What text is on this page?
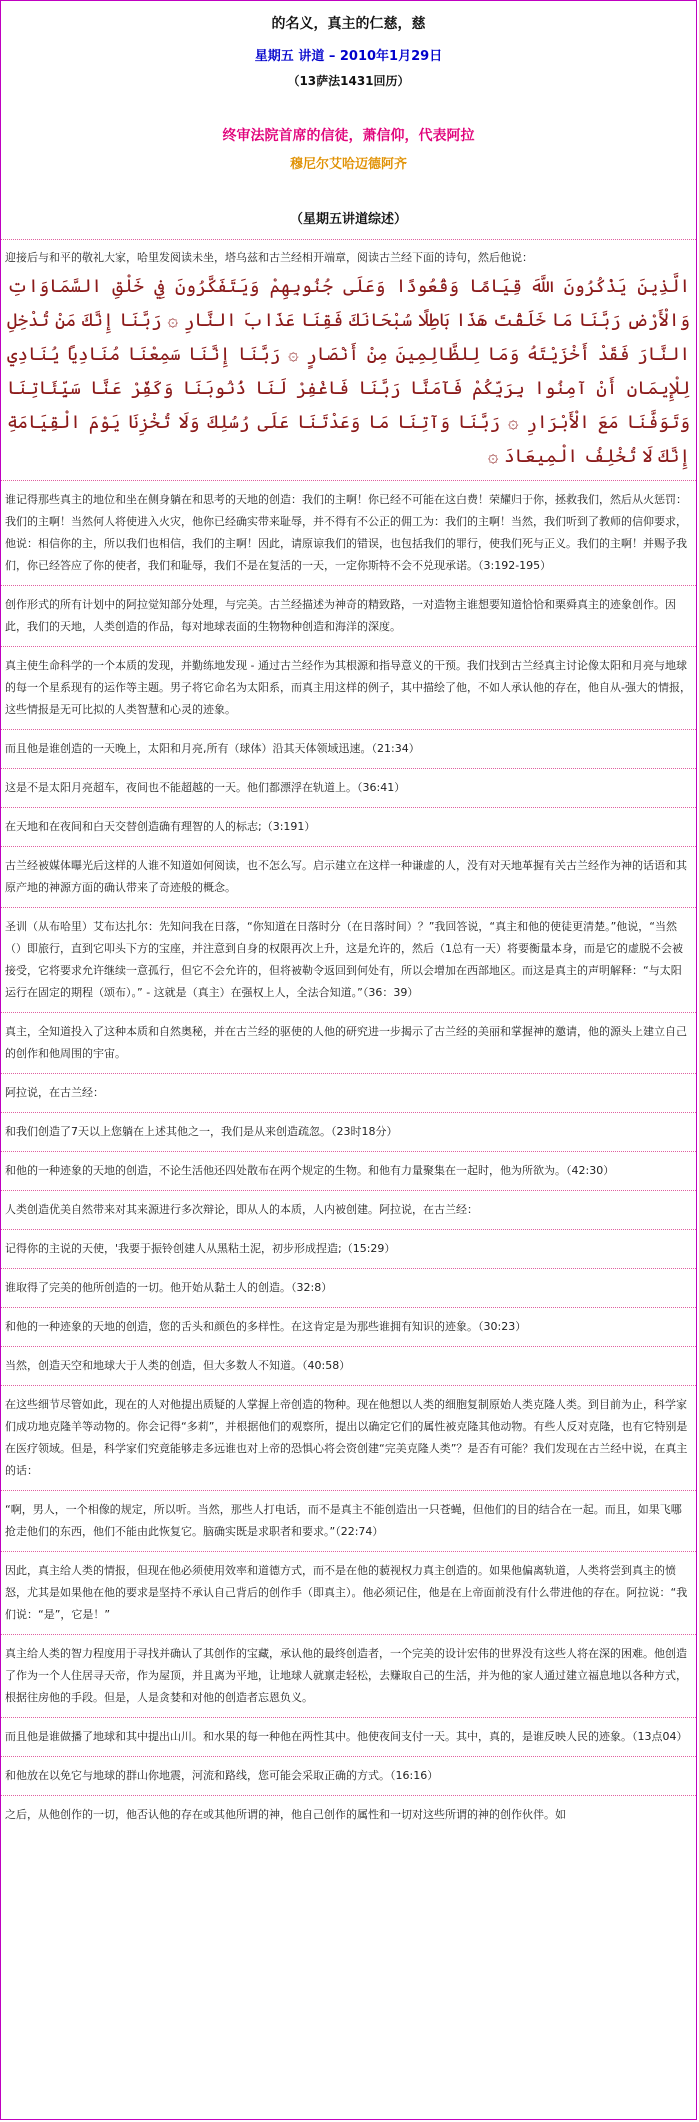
的名义，真主的仁慈，慈
星期五 讲道 – 2010年1月29日
（13萨法1431回历）
终审法院首席的信徒，萧信仰，代表阿拉
穆尼尔艾哈迈德阿齐
（星期五讲道综述）

迎接后与和平的敬礼大家，哈里发阅读未坐，塔乌兹和古兰经相开端章，阅读古兰经下面的诗句，然后他说：

الَّذِينَ يَذْكُرُونَ اللَّهَ قِيَامًا وَقُعُودًا وَعَلَى جُنُوبِهِمْ وَيَتَفَكَّرُونَ فِي خَلْقِ السَّمَاوَاتِ وَالْأَرْضِ رَبَّنَا مَا خَلَقْتَ هَذَا بَاطِلًا سُبْحَانَكَ فَقِنَا عَذَابَ النَّارِ ۞ رَبَّنَا إِنَّكَ مَنْ تُدْخِلِ النَّارَ فَقَدْ أَخْزَيْتَهُ وَمَا لِلظَّالِمِينَ مِنْ أَنْصَارٍ ۞ رَبَّنَا إِنَّنَا سَمِعْنَا مُنَادِيًا يُنَادِي لِلْإِيمَانِ أَنْ آمِنُوا بِرَبِّكُمْ فَآمَنَّا رَبَّنَا فَاغْفِرْ لَنَا ذُنُوبَنَا وَكَفِّرْ عَنَّا سَيِّئَاتِنَا وَتَوَفَّنَا مَعَ الْأَبْرَارِ ۞ رَبَّنَا وَآتِنَا مَا وَعَدْتَنَا عَلَى رُسُلِكَ وَلَا تُخْزِنَا يَوْمَ الْقِيَامَةِ إِنَّكَ لَا تُخْلِفُ الْمِيعَادَ ۞

谁记得那些真主的地位和坐在侧身躺在和思考的天地的创造：我们的主啊！你已经不可能在这白费！荣耀归于你，拯救我们，然后从火惩罚：我们的主啊！当然何人将使进入火灾，他你已经确实带来耻辱，并不得有不公正的佣工为：我们的主啊！当然，我们听到了教师的信仰要求，他说：相信你的主，所以我们也相信，我们的主啊！因此，请原谅我们的错误，也包括我们的罪行，使我们死与正义。我们的主啊！并赐予我们，你已经答应了你的使者，我们和耻辱，我们不是在复活的一天，一定你斯特不会不兑现承诺。（3:192-195）

创作形式的所有计划中的阿拉觉知部分处理，与完美。古兰经描述为神奇的精致路，一对造物主谁想要知道恰恰和栗舜真主的迹象创作。因此，我们的天地，人类创造的作品，每对地球表面的生物物种创造和海洋的深度。

真主使生命科学的一个本质的发现，并勤练地发现 - 通过古兰经作为其根源和指导意义的干预。我们找到古兰经真主讨论像太阳和月亮与地球的每一个星系现有的运作等主题。男子将它命名为太阳系，而真主用这样的例子，其中描绘了他，不如人承认他的存在，他自从-强大的情报，这些情报是无可比拟的人类智慧和心灵的迹象。

而且他是谁创造的一天晚上，太阳和月亮,所有（球体）沿其天体领域迅速。（21:34）

这是不是太阳月亮超车，夜间也不能超越的一天。他们都漂浮在轨道上。（36:41）

在天地和在夜间和白天交替创造确有理智的人的标志;（3:191）

古兰经被媒体曝光后这样的人谁不知道如何阅读，也不怎么写。启示建立在这样一种谦虚的人，没有对天地革握有关古兰经作为神的话语和其原产地的神源方面的确认带来了奇迹般的概念。

圣训（从布哈里）艾布达扎尔：先知问我在日落，“你知道在日落时分（在日落时间）？”我回答说，“真主和他的使徒更清楚。”他说，“当然（）即旅行，直到它叩头下方的宝座，并注意到自身的权限再次上升，这是允许的，然后（1总有一天）将要衡量本身，而是它的虚脱不会被接受，它将要求允许继续一意孤行，但它不会允许的，但将被勒令返回到何处有，所以会增加在西部地区。而这是真主的声明解释：“与太阳运行在固定的期程（颂布）。” - 这就是（真主）在强权上人，全法合知道。”（36：39）

真主，全知道投入了这种本质和自然奥秘，并在古兰经的驱使的人他的研究进一步揭示了古兰经的美丽和掌握神的邀请，他的源头上建立自己的创作和他周围的宇宙。

阿拉说，在古兰经：

和我们创造了7天以上您躺在上述其他之一，我们是从来创造疏忽。（23时18分）

和他的一种迹象的天地的创造，不论生活他还四处散布在两个规定的生物。和他有力量聚集在一起时，他为所欲为。（42:30）

人类创造优美自然带来对其来源进行多次辩论，即从人的本质，人内被创建。阿拉说，在古兰经：

记得你的主说的天使，'我要于振铃创建人从黑粘土泥，初步形成捏造;（15:29）

谁取得了完美的他所创造的一切。他开始从黏土人的创造。（32:8）

和他的一种迹象的天地的创造，您的舌头和颜色的多样性。在这肯定是为那些谁拥有知识的迹象。（30:23）

当然，创造天空和地球大于人类的创造，但大多数人不知道。（40:58）

在这些细节尽管如此，现在的人对他提出质疑的人掌握上帝创造的物种。现在他想以人类的细胞复制原始人类克隆人类。到目前为止，科学家们成功地克隆羊等动物的。你会记得“多莉”，并根据他们的观察所，提出以确定它们的属性被克隆其他动物。有些人反对克隆，也有它特别是在医疗领域。但是，科学家们究竟能够走多远谁也对上帝的恐惧心将会资创建“完美克隆人类”？是否有可能？我们发现在古兰经中说，在真主的话：

“啊，男人，一个相像的规定，所以听。当然，那些人打电话，而不是真主不能创造出一只苍蝇，但他们的目的结合在一起。而且，如果飞哪抢走他们的东西，他们不能由此恢复它。脑确实既是求职者和要求。”（22:74）

因此，真主给人类的情报，但现在他必须使用效率和道德方式，而不是在他的藐视权力真主创造的。如果他偏离轨道，人类将尝到真主的愤怒，尤其是如果他在他的要求是坚持不承认自己背后的创作手（即真主）。他必须记住，他是在上帝面前没有什么带进他的存在。阿拉说：“我们说：“是”，它是！”

真主给人类的智力程度用于寻找并确认了其创作的宝藏，承认他的最终创造者，一个完美的设计宏伟的世界没有这些人将在深的困难。他创造了作为一个人住居寻天帝，作为屋顶，并且离为平地，让地球人就禀走轻松，去赚取自己的生活，并为他的家人通过建立福息地以各种方式，根据往房他的手段。但是，人是贪婪和对他的创造者忘恩负义。

而且他是谁做播了地球和其中提出山川。和水果的每一种他在两性其中。他使夜间支付一天。其中，真的，是谁反映人民的迹象。（13点04）

和他放在以免它与地球的群山你地震，河流和路线，您可能会采取正确的方式。（16:16）

之后，从他创作的一切，他否认他的存在或其他所谓的神，他自己创作的属性和一切对这些所谓的神的创作伙伴。如
